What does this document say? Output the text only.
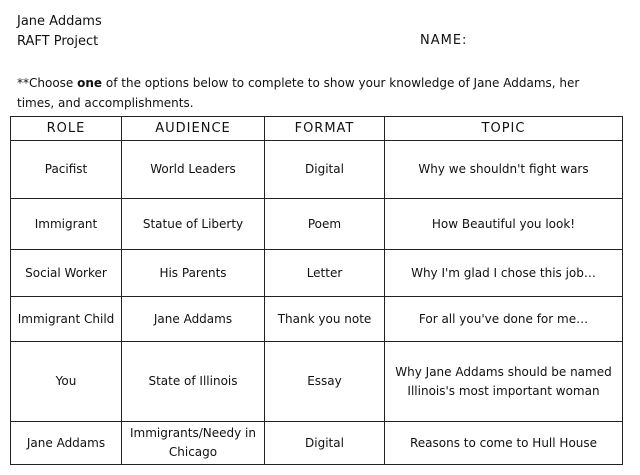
Jane Addams
RAFT Project	NAME:
**Choose one of the options below to complete to show your knowledge of Jane Addams, her times, and accomplishments.
ROLE	AUDIENCE	FORMAT	TOPIC
Pacifist	World Leaders	Digital	Why we shouldn't fight wars
Immigrant	Statue of Liberty	Poem	How Beautiful you look!
Social Worker	His Parents	Letter	Why I'm glad I chose this job…
Immigrant Child	Jane Addams	Thank you note	For all you've done for me…
You	State of Illinois	Essay	Why Jane Addams should be named Illinois's most important woman
Jane Addams	Immigrants/Needy in Chicago	Digital	Reasons to come to Hull House
